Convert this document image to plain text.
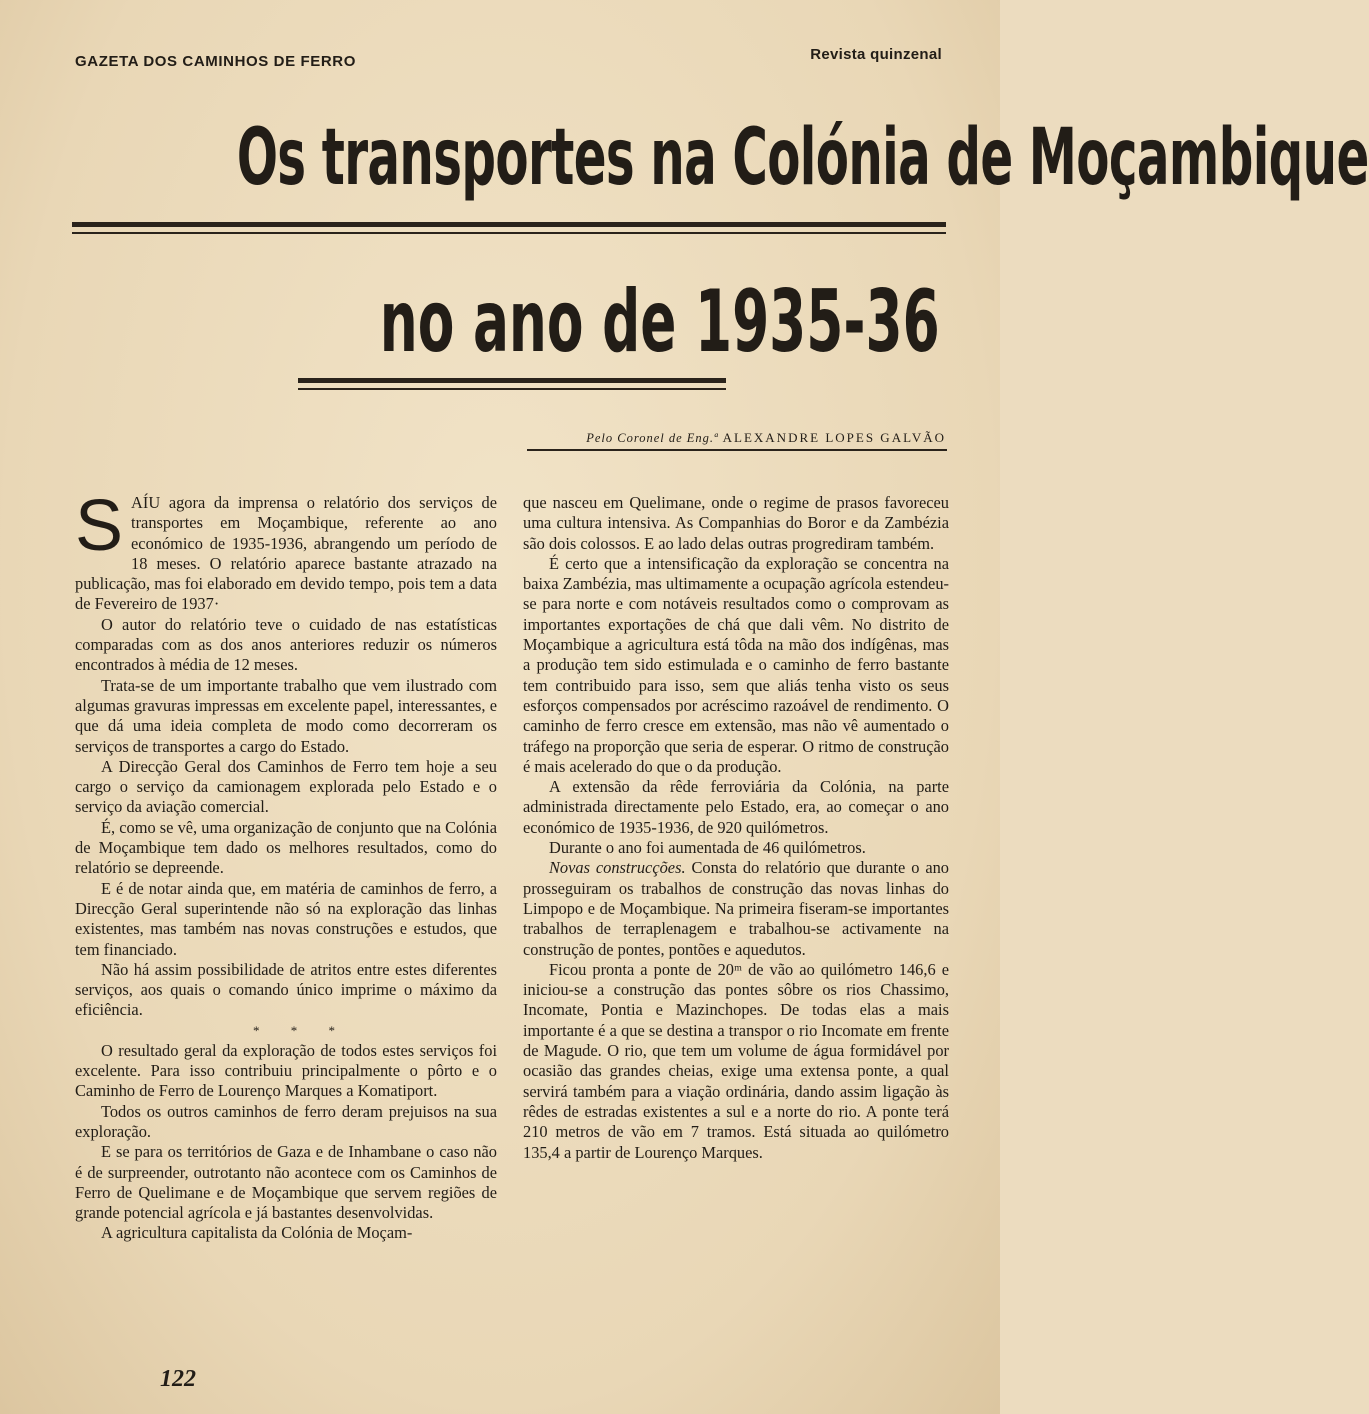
GAZETA DOS CAMINHOS DE FERRO	Revista quinzenal
Os transportes na Colónia de Moçambique
no ano de 1935-36
Pelo Coronel de Eng.ª ALEXANDRE LOPES GALVÃO
S AÍU agora da imprensa o relatório dos serviços de transportes em Moçambique, referente ao ano económico de 1935-1936, abrangendo um período de 18 meses. O relatório aparece bastante atrazado na publicação, mas foi elaborado em devido tempo, pois tem a data de Fevereiro de 1937·

O autor do relatório teve o cuidado de nas estatísticas comparadas com as dos anos anteriores reduzir os números encontrados à média de 12 meses.

Trata-se de um importante trabalho que vem ilustrado com algumas gravuras impressas em excelente papel, interessantes, e que dá uma ideia completa de modo como decorreram os serviços de transportes a cargo do Estado.

A Direcção Geral dos Caminhos de Ferro tem hoje a seu cargo o serviço da camionagem explorada pelo Estado e o serviço da aviação comercial.

É, como se vê, uma organização de conjunto que na Colónia de Moçambique tem dado os melhores resultados, como do relatório se depreende.

E é de notar ainda que, em matéria de caminhos de ferro, a Direcção Geral superintende não só na exploração das linhas existentes, mas também nas novas construções e estudos, que tem financiado.

Não há assim possibilidade de atritos entre estes diferentes serviços, aos quais o comando único imprime o máximo da eficiência.

* * *

O resultado geral da exploração de todos estes serviços foi excelente. Para isso contribuiu principalmente o pôrto e o Caminho de Ferro de Lourenço Marques a Komatiport.

Todos os outros caminhos de ferro deram prejuisos na sua exploração.

E se para os territórios de Gaza e de Inhambane o caso não é de surpreender, outrotanto não acontece com os Caminhos de Ferro de Quelimane e de Moçambique que servem regiões de grande potencial agrícola e já bastantes desenvolvidas.

A agricultura capitalista da Colónia de Moçam-

que nasceu em Quelimane, onde o regime de prasos favoreceu uma cultura intensiva. As Companhias do Boror e da Zambézia são dois colossos. E ao lado delas outras progrediram também.

É certo que a intensificação da exploração se concentra na baixa Zambézia, mas ultimamente a ocupação agrícola estendeu-se para norte e com notáveis resultados como o comprovam as importantes exportações de chá que dali vêm. No distrito de Moçambique a agricultura está tôda na mão dos indígênas, mas a produção tem sido estimulada e o caminho de ferro bastante tem contribuido para isso, sem que aliás tenha visto os seus esforços compensados por acréscimo razoável de rendimento. O caminho de ferro cresce em extensão, mas não vê aumentado o tráfego na proporção que seria de esperar. O ritmo de construção é mais acelerado do que o da produção.

A extensão da rêde ferroviária da Colónia, na parte administrada directamente pelo Estado, era, ao começar o ano económico de 1935-1936, de 920 quilómetros.

Durante o ano foi aumentada de 46 quilómetros.

Novas construcções. Consta do relatório que durante o ano prosseguiram os trabalhos de construção das novas linhas do Limpopo e de Moçambique. Na primeira fiseram-se importantes trabalhos de terraplenagem e trabalhou-se activamente na construção de pontes, pontões e aquedutos.

Ficou pronta a ponte de 20ᵐ de vão ao quilómetro 146,6 e iniciou-se a construção das pontes sôbre os rios Chassimo, Incomate, Pontia e Mazinchopes. De todas elas a mais importante é a que se destina a transpor o rio Incomate em frente de Magude. O rio, que tem um volume de água formidável por ocasião das grandes cheias, exige uma extensa ponte, a qual servirá também para a viação ordinária, dando assim ligação às rêdes de estradas existentes a sul e a norte do rio. A ponte terá 210 metros de vão em 7 tramos. Está situada ao quilómetro 135,4 a partir de Lourenço Marques.

122
